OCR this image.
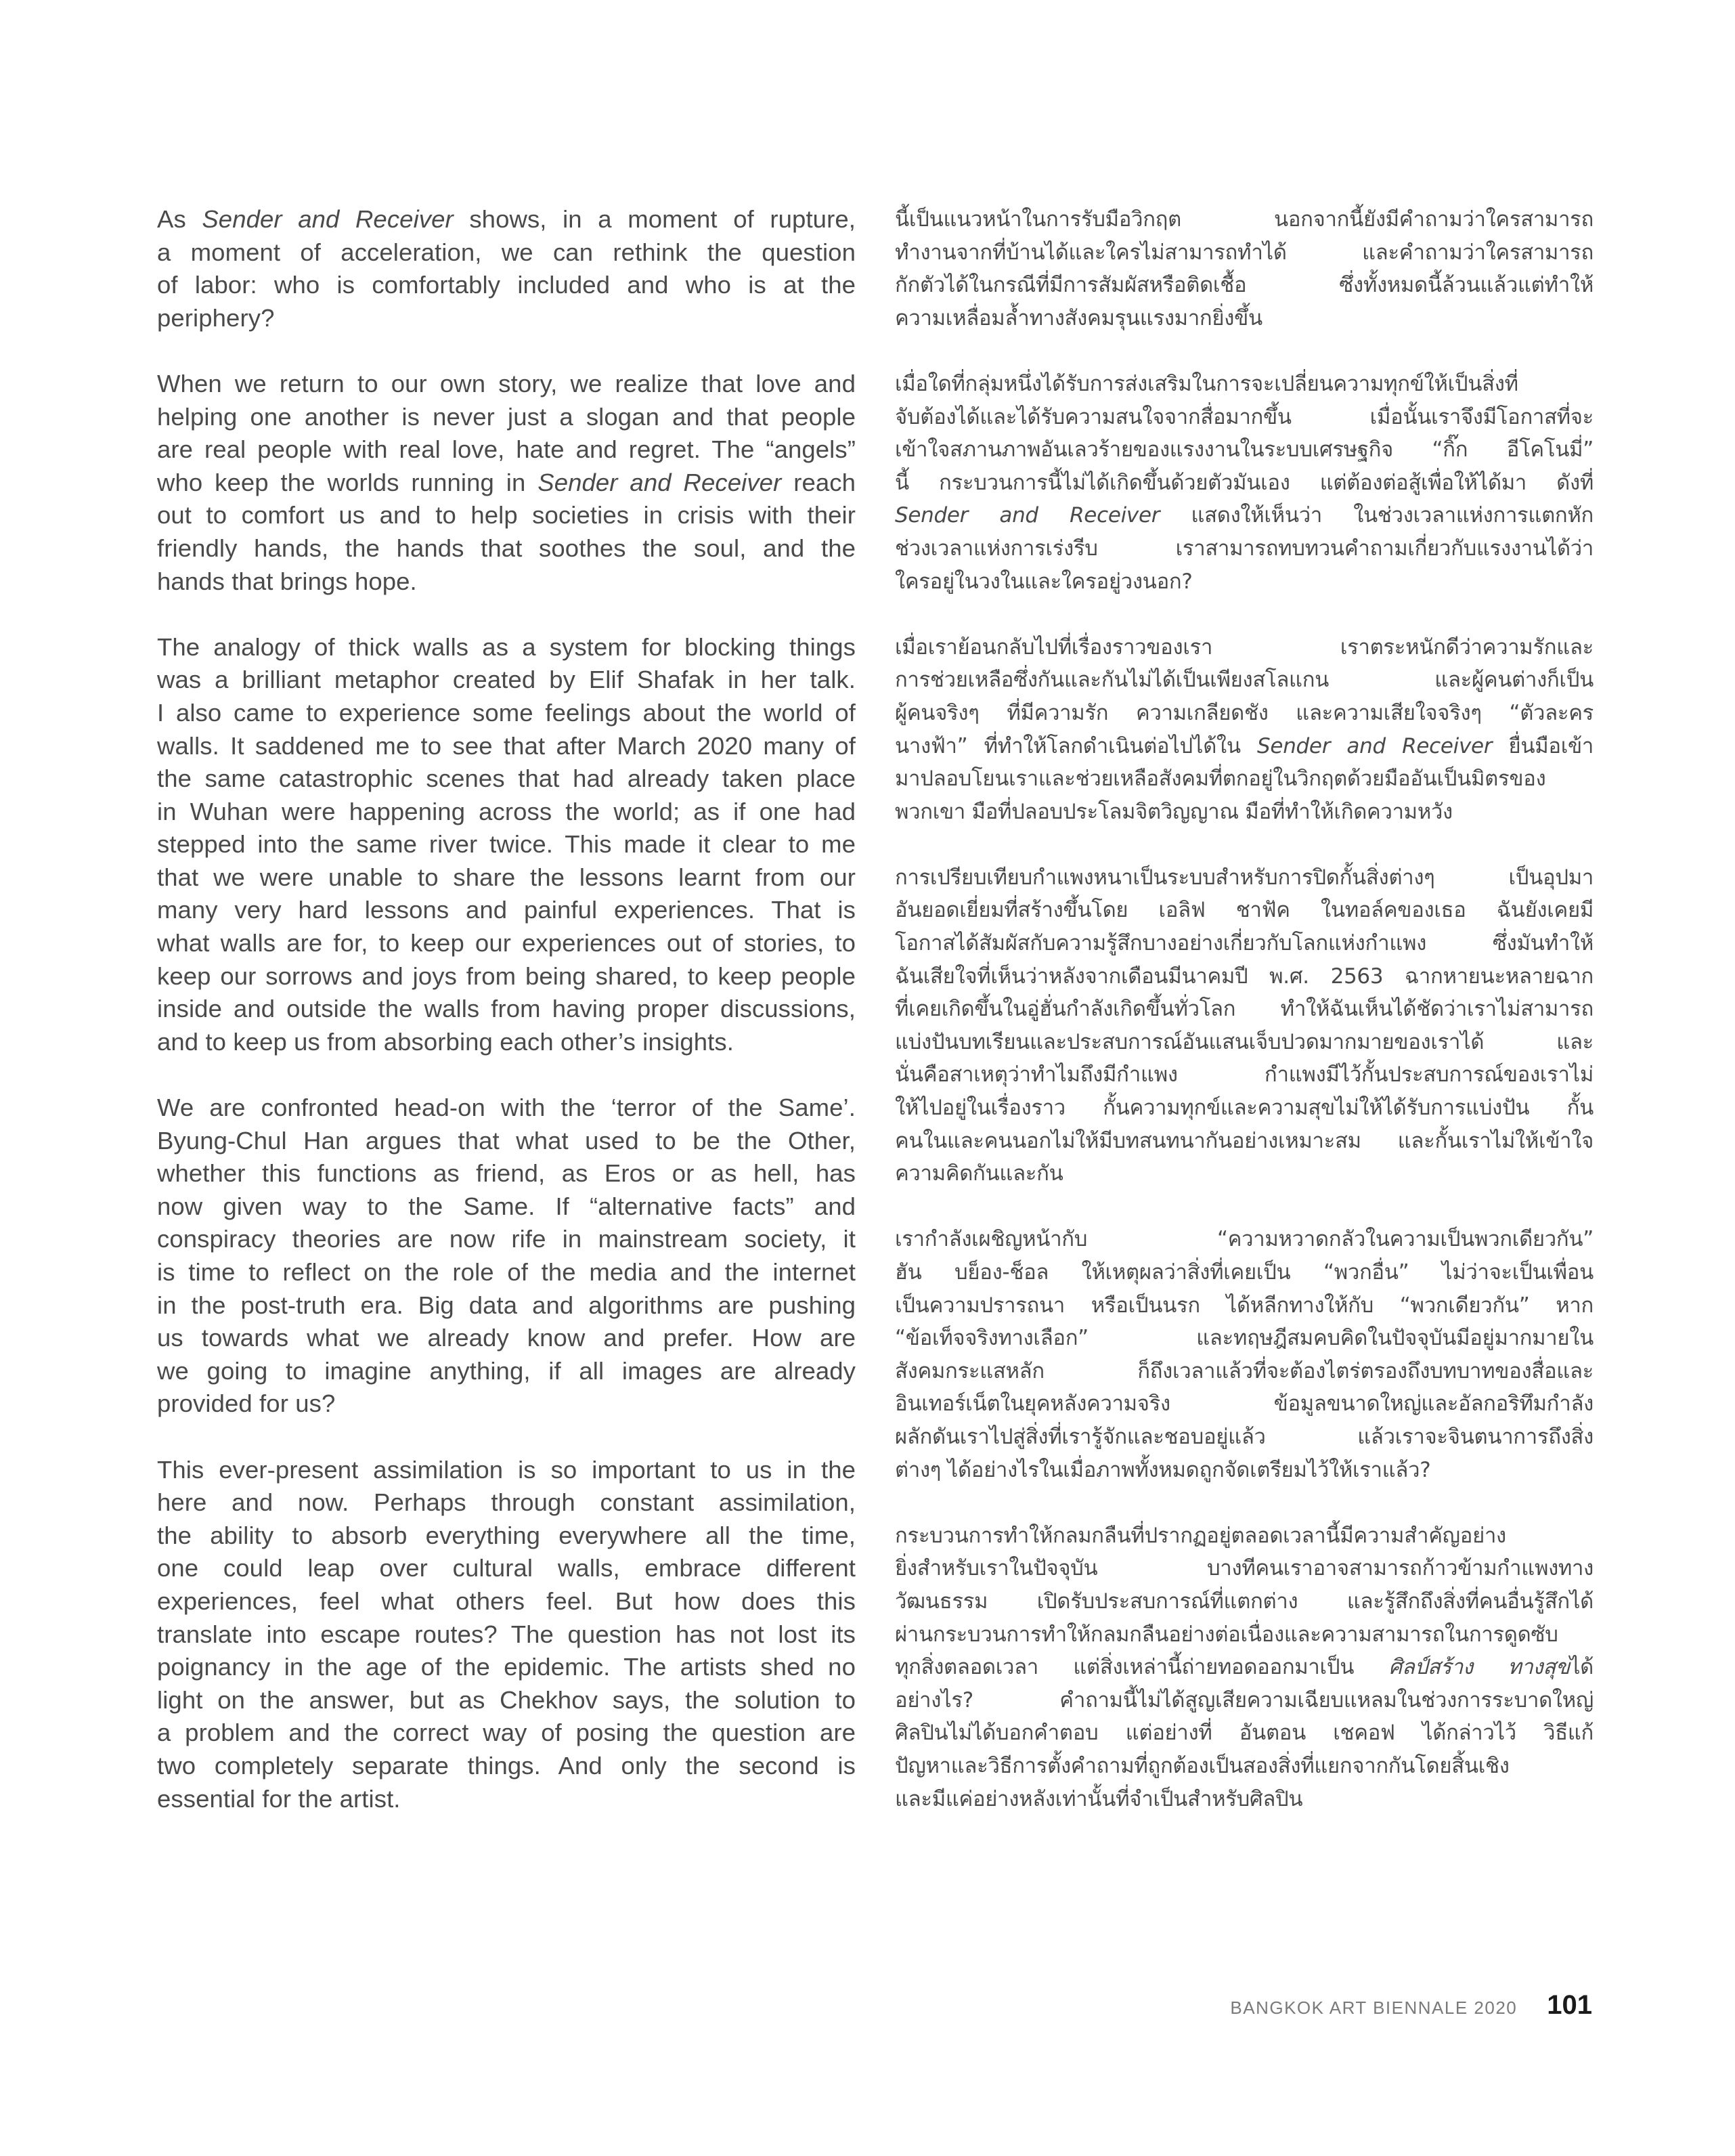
As Sender and Receiver shows, in a moment of rupture,
a moment of acceleration, we can rethink the question
of labor: who is comfortably included and who is at the
periphery?

When we return to our own story, we realize that love and
helping one another is never just a slogan and that people
are real people with real love, hate and regret. The “angels”
who keep the worlds running in Sender and Receiver reach
out to comfort us and to help societies in crisis with their
friendly hands, the hands that soothes the soul, and the
hands that brings hope.

The analogy of thick walls as a system for blocking things
was a brilliant metaphor created by Elif Shafak in her talk.
I also came to experience some feelings about the world of
walls. It saddened me to see that after March 2020 many of
the same catastrophic scenes that had already taken place
in Wuhan were happening across the world; as if one had
stepped into the same river twice. This made it clear to me
that we were unable to share the lessons learnt from our
many very hard lessons and painful experiences. That is
what walls are for, to keep our experiences out of stories, to
keep our sorrows and joys from being shared, to keep people
inside and outside the walls from having proper discussions,
and to keep us from absorbing each other’s insights.

We are confronted head-on with the ‘terror of the Same’.
Byung-Chul Han argues that what used to be the Other,
whether this functions as friend, as Eros or as hell, has
now given way to the Same. If “alternative facts” and
conspiracy theories are now rife in mainstream society, it
is time to reflect on the role of the media and the internet
in the post-truth era. Big data and algorithms are pushing
us towards what we already know and prefer. How are
we going to imagine anything, if all images are already
provided for us?

This ever-present assimilation is so important to us in the
here and now. Perhaps through constant assimilation,
the ability to absorb everything everywhere all the time,
one could leap over cultural walls, embrace different
experiences, feel what others feel. But how does this
translate into escape routes? The question has not lost its
poignancy in the age of the epidemic. The artists shed no
light on the answer, but as Chekhov says, the solution to
a problem and the correct way of posing the question are
two completely separate things. And only the second is
essential for the artist.

นี้เป็นแนวหน้าในการรับมือวิกฤต นอกจากนี้ยังมีคำถามว่าใครสามารถ
ทำงานจากที่บ้านได้และใครไม่สามารถทำได้ และคำถามว่าใครสามารถ
กักตัวได้ในกรณีที่มีการสัมผัสหรือติดเชื้อ ซึ่งทั้งหมดนี้ล้วนแล้วแต่ทำให้
ความเหลื่อมล้ำทางสังคมรุนแรงมากยิ่งขึ้น

เมื่อใดที่กลุ่มหนึ่งได้รับการส่งเสริมในการจะเปลี่ยนความทุกข์ให้เป็นสิ่งที่
จับต้องได้และได้รับความสนใจจากสื่อมากขึ้น เมื่อนั้นเราจึงมีโอกาสที่จะ
เข้าใจสภานภาพอันเลวร้ายของแรงงานในระบบเศรษฐกิจ “กิ๊ก อีโคโนมี่”
นี้ กระบวนการนี้ไม่ได้เกิดขึ้นด้วยตัวมันเอง แต่ต้องต่อสู้เพื่อให้ได้มา ดังที่
Sender and Receiver แสดงให้เห็นว่า ในช่วงเวลาแห่งการแตกหัก
ช่วงเวลาแห่งการเร่งรีบ เราสามารถทบทวนคำถามเกี่ยวกับแรงงานได้ว่า
ใครอยู่ในวงในและใครอยู่วงนอก?

เมื่อเราย้อนกลับไปที่เรื่องราวของเรา เราตระหนักดีว่าความรักและ
การช่วยเหลือซึ่งกันและกันไม่ได้เป็นเพียงสโลแกน และผู้คนต่างก็เป็น
ผู้คนจริงๆ ที่มีความรัก ความเกลียดชัง และความเสียใจจริงๆ “ตัวละคร
นางฟ้า” ที่ทำให้โลกดำเนินต่อไปได้ใน Sender and Receiver ยื่นมือเข้า
มาปลอบโยนเราและช่วยเหลือสังคมที่ตกอยู่ในวิกฤตด้วยมืออันเป็นมิตรของ
พวกเขา มือที่ปลอบประโลมจิตวิญญาณ มือที่ทำให้เกิดความหวัง

การเปรียบเทียบกำแพงหนาเป็นระบบสำหรับการปิดกั้นสิ่งต่างๆ เป็นอุปมา
อันยอดเยี่ยมที่สร้างขึ้นโดย เอลิฟ ชาฟัค ในทอล์คของเธอ ฉันยังเคยมี
โอกาสได้สัมผัสกับความรู้สึกบางอย่างเกี่ยวกับโลกแห่งกำแพง ซึ่งมันทำให้
ฉันเสียใจที่เห็นว่าหลังจากเดือนมีนาคมปี พ.ศ. 2563 ฉากหายนะหลายฉาก
ที่เคยเกิดขึ้นในอู่ฮั่นกำลังเกิดขึ้นทั่วโลก ทำให้ฉันเห็นได้ชัดว่าเราไม่สามารถ
แบ่งปันบทเรียนและประสบการณ์อันแสนเจ็บปวดมากมายของเราได้ และ
นั่นคือสาเหตุว่าทำไมถึงมีกำแพง กำแพงมีไว้กั้นประสบการณ์ของเราไม่
ให้ไปอยู่ในเรื่องราว กั้นความทุกข์และความสุขไม่ให้ได้รับการแบ่งปัน กั้น
คนในและคนนอกไม่ให้มีบทสนทนากันอย่างเหมาะสม และกั้นเราไม่ให้เข้าใจ
ความคิดกันและกัน

เรากำลังเผชิญหน้ากับ “ความหวาดกลัวในความเป็นพวกเดียวกัน”
ฮัน บย็อง-ช็อล ให้เหตุผลว่าสิ่งที่เคยเป็น “พวกอื่น” ไม่ว่าจะเป็นเพื่อน
เป็นความปรารถนา หรือเป็นนรก ได้หลีกทางให้กับ “พวกเดียวกัน” หาก
“ข้อเท็จจริงทางเลือก” และทฤษฎีสมคบคิดในปัจจุบันมีอยู่มากมายใน
สังคมกระแสหลัก ก็ถึงเวลาแล้วที่จะต้องไตร่ตรองถึงบทบาทของสื่อและ
อินเทอร์เน็ตในยุคหลังความจริง ข้อมูลขนาดใหญ่และอัลกอริทึมกำลัง
ผลักดันเราไปสู่สิ่งที่เรารู้จักและชอบอยู่แล้ว แล้วเราจะจินตนาการถึงสิ่ง
ต่างๆ ได้อย่างไรในเมื่อภาพทั้งหมดถูกจัดเตรียมไว้ให้เราแล้ว?

กระบวนการทำให้กลมกลืนที่ปรากฏอยู่ตลอดเวลานี้มีความสำคัญอย่าง
ยิ่งสำหรับเราในปัจจุบัน บางทีคนเราอาจสามารถก้าวข้ามกำแพงทาง
วัฒนธรรม เปิดรับประสบการณ์ที่แตกต่าง และรู้สึกถึงสิ่งที่คนอื่นรู้สึกได้
ผ่านกระบวนการทำให้กลมกลืนอย่างต่อเนื่องและความสามารถในการดูดซับ
ทุกสิ่งตลอดเวลา แต่สิ่งเหล่านี้ถ่ายทอดออกมาเป็น ศิลป์สร้าง ทางสุขได้
อย่างไร? คำถามนี้ไม่ได้สูญเสียความเฉียบแหลมในช่วงการระบาดใหญ่
ศิลปินไม่ได้บอกคำตอบ แต่อย่างที่ อันตอน เชคอฟ ได้กล่าวไว้ วิธีแก้
ปัญหาและวิธีการตั้งคำถามที่ถูกต้องเป็นสองสิ่งที่แยกจากกันโดยสิ้นเชิง
และมีแค่อย่างหลังเท่านั้นที่จำเป็นสำหรับศิลปิน

BANGKOK ART BIENNALE 2020 101
